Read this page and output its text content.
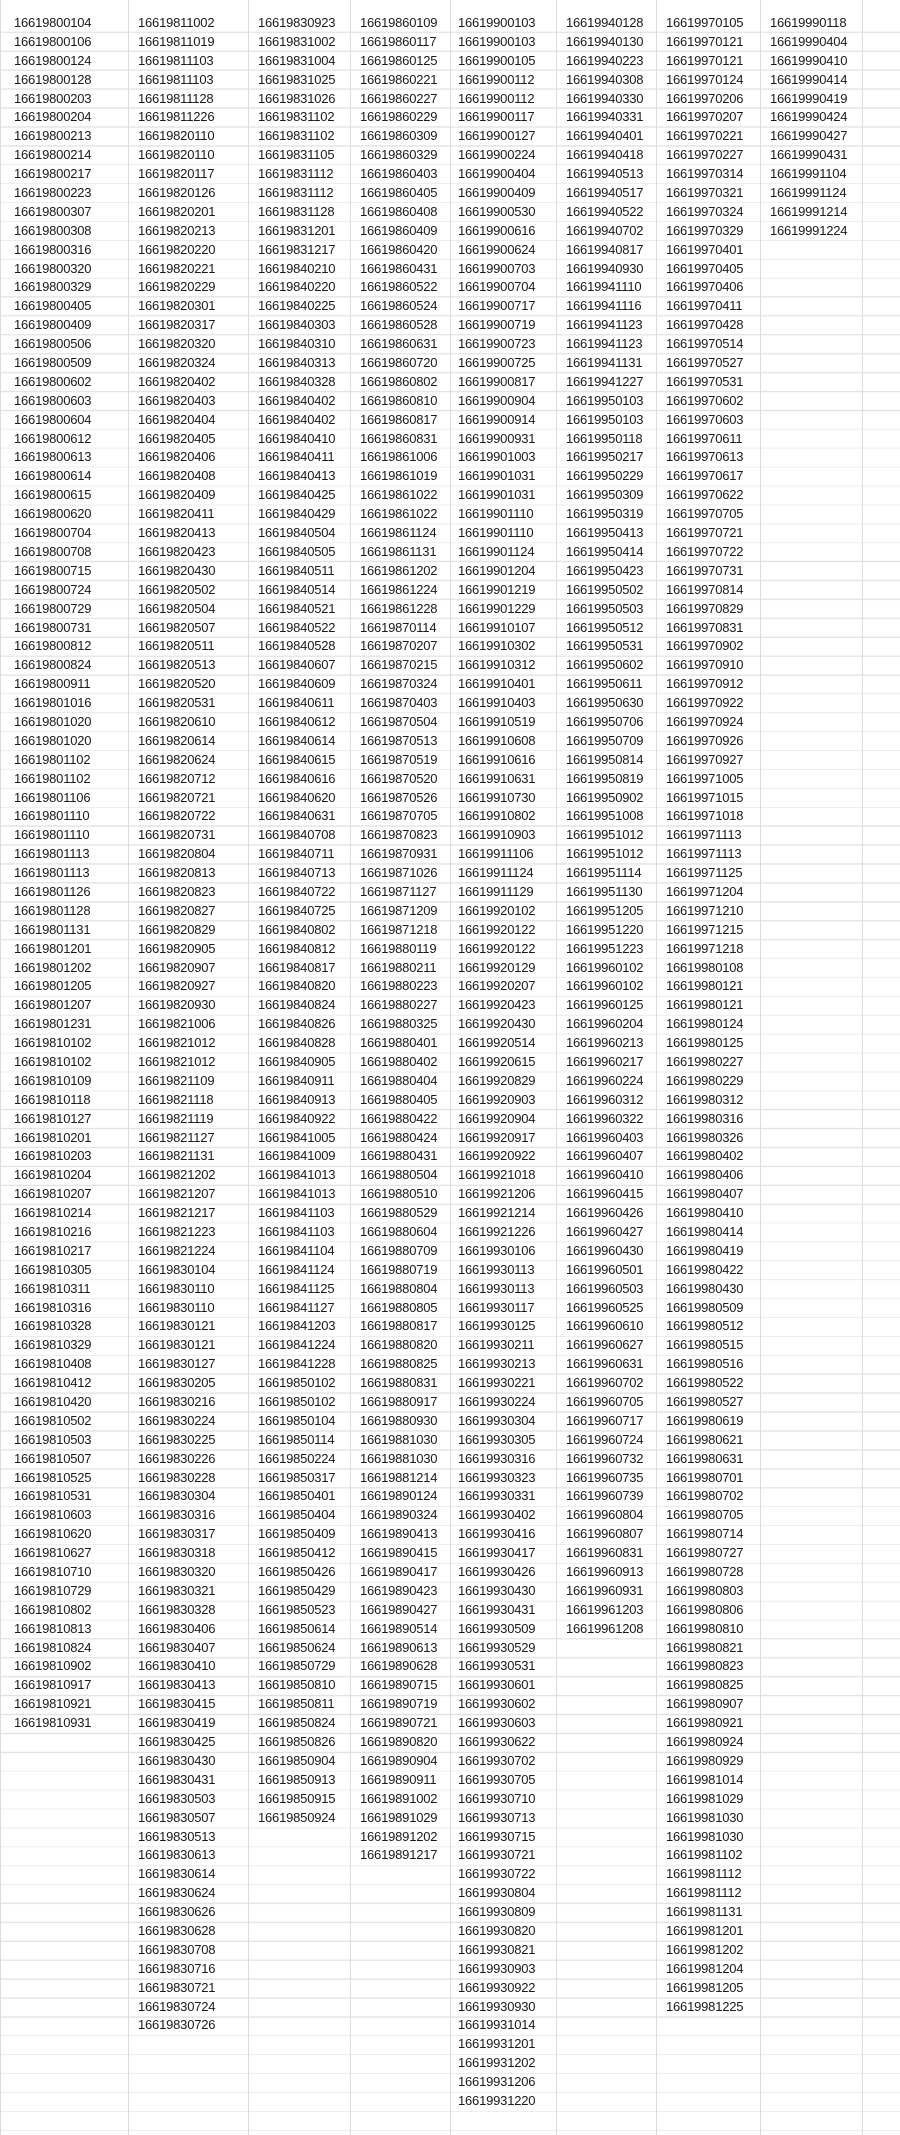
16619800104
16619800106
16619800124
16619800128
16619800203
16619800204
16619800213
16619800214
16619800217
16619800223
16619800307
16619800308
16619800316
16619800320
16619800329
16619800405
16619800409
16619800506
16619800509
16619800602
16619800603
16619800604
16619800612
16619800613
16619800614
16619800615
16619800620
16619800704
16619800708
16619800715
16619800724
16619800729
16619800731
16619800812
16619800824
16619800911
16619801016
16619801020
16619801020
16619801102
16619801102
16619801106
16619801110
16619801110
16619801113
16619801113
16619801126
16619801128
16619801131
16619801201
16619801202
16619801205
16619801207
16619801231
16619810102
16619810102
16619810109
16619810118
16619810127
16619810201
16619810203
16619810204
16619810207
16619810214
16619810216
16619810217
16619810305
16619810311
16619810316
16619810328
16619810329
16619810408
16619810412
16619810420
16619810502
16619810503
16619810507
16619810525
16619810531
16619810603
16619810620
16619810627
16619810710
16619810729
16619810802
16619810813
16619810824
16619810902
16619810917
16619810921
16619810931
16619811002
16619811019
16619811103
16619811103
16619811128
16619811226
16619820110
16619820110
16619820117
16619820126
16619820201
16619820213
16619820220
16619820221
16619820229
16619820301
16619820317
16619820320
16619820324
16619820402
16619820403
16619820404
16619820405
16619820406
16619820408
16619820409
16619820411
16619820413
16619820423
16619820430
16619820502
16619820504
16619820507
16619820511
16619820513
16619820520
16619820531
16619820610
16619820614
16619820624
16619820712
16619820721
16619820722
16619820731
16619820804
16619820813
16619820823
16619820827
16619820829
16619820905
16619820907
16619820927
16619820930
16619821006
16619821012
16619821012
16619821109
16619821118
16619821119
16619821127
16619821131
16619821202
16619821207
16619821217
16619821223
16619821224
16619830104
16619830110
16619830110
16619830121
16619830121
16619830127
16619830205
16619830216
16619830224
16619830225
16619830226
16619830228
16619830304
16619830316
16619830317
16619830318
16619830320
16619830321
16619830328
16619830406
16619830407
16619830410
16619830413
16619830415
16619830419
16619830425
16619830430
16619830431
16619830503
16619830507
16619830513
16619830613
16619830614
16619830624
16619830626
16619830628
16619830708
16619830716
16619830721
16619830724
16619830726
16619830923
16619831002
16619831004
16619831025
16619831026
16619831102
16619831102
16619831105
16619831112
16619831112
16619831128
16619831201
16619831217
16619840210
16619840220
16619840225
16619840303
16619840310
16619840313
16619840328
16619840402
16619840402
16619840410
16619840411
16619840413
16619840425
16619840429
16619840504
16619840505
16619840511
16619840514
16619840521
16619840522
16619840528
16619840607
16619840609
16619840611
16619840612
16619840614
16619840615
16619840616
16619840620
16619840631
16619840708
16619840711
16619840713
16619840722
16619840725
16619840802
16619840812
16619840817
16619840820
16619840824
16619840826
16619840828
16619840905
16619840911
16619840913
16619840922
16619841005
16619841009
16619841013
16619841013
16619841103
16619841103
16619841104
16619841124
16619841125
16619841127
16619841203
16619841224
16619841228
16619850102
16619850102
16619850104
16619850114
16619850224
16619850317
16619850401
16619850404
16619850409
16619850412
16619850426
16619850429
16619850523
16619850614
16619850624
16619850729
16619850810
16619850811
16619850824
16619850826
16619850904
16619850913
16619850915
16619850924
16619860109
16619860117
16619860125
16619860221
16619860227
16619860229
16619860309
16619860329
16619860403
16619860405
16619860408
16619860409
16619860420
16619860431
16619860522
16619860524
16619860528
16619860631
16619860720
16619860802
16619860810
16619860817
16619860831
16619861006
16619861019
16619861022
16619861022
16619861124
16619861131
16619861202
16619861224
16619861228
16619870114
16619870207
16619870215
16619870324
16619870403
16619870504
16619870513
16619870519
16619870520
16619870526
16619870705
16619870823
16619870931
16619871026
16619871127
16619871209
16619871218
16619880119
16619880211
16619880223
16619880227
16619880325
16619880401
16619880402
16619880404
16619880405
16619880422
16619880424
16619880431
16619880504
16619880510
16619880529
16619880604
16619880709
16619880719
16619880804
16619880805
16619880817
16619880820
16619880825
16619880831
16619880917
16619880930
16619881030
16619881030
16619881214
16619890124
16619890324
16619890413
16619890415
16619890417
16619890423
16619890427
16619890514
16619890613
16619890628
16619890715
16619890719
16619890721
16619890820
16619890904
16619890911
16619891002
16619891029
16619891202
16619891217
16619900103
16619900103
16619900105
16619900112
16619900112
16619900117
16619900127
16619900224
16619900404
16619900409
16619900530
16619900616
16619900624
16619900703
16619900704
16619900717
16619900719
16619900723
16619900725
16619900817
16619900904
16619900914
16619900931
16619901003
16619901031
16619901031
16619901110
16619901110
16619901124
16619901204
16619901219
16619901229
16619910107
16619910302
16619910312
16619910401
16619910403
16619910519
16619910608
16619910616
16619910631
16619910730
16619910802
16619910903
16619911106
16619911124
16619911129
16619920102
16619920122
16619920122
16619920129
16619920207
16619920423
16619920430
16619920514
16619920615
16619920829
16619920903
16619920904
16619920917
16619920922
16619921018
16619921206
16619921214
16619921226
16619930106
16619930113
16619930113
16619930117
16619930125
16619930211
16619930213
16619930221
16619930224
16619930304
16619930305
16619930316
16619930323
16619930331
16619930402
16619930416
16619930417
16619930426
16619930430
16619930431
16619930509
16619930529
16619930531
16619930601
16619930602
16619930603
16619930622
16619930702
16619930705
16619930710
16619930713
16619930715
16619930721
16619930722
16619930804
16619930809
16619930820
16619930821
16619930903
16619930922
16619930930
16619931014
16619931201
16619931202
16619931206
16619931220
16619940128
16619940130
16619940223
16619940308
16619940330
16619940331
16619940401
16619940418
16619940513
16619940517
16619940522
16619940702
16619940817
16619940930
16619941110
16619941116
16619941123
16619941123
16619941131
16619941227
16619950103
16619950103
16619950118
16619950217
16619950229
16619950309
16619950319
16619950413
16619950414
16619950423
16619950502
16619950503
16619950512
16619950531
16619950602
16619950611
16619950630
16619950706
16619950709
16619950814
16619950819
16619950902
16619951008
16619951012
16619951012
16619951114
16619951130
16619951205
16619951220
16619951223
16619960102
16619960102
16619960125
16619960204
16619960213
16619960217
16619960224
16619960312
16619960322
16619960403
16619960407
16619960410
16619960415
16619960426
16619960427
16619960430
16619960501
16619960503
16619960525
16619960610
16619960627
16619960631
16619960702
16619960705
16619960717
16619960724
16619960732
16619960735
16619960739
16619960804
16619960807
16619960831
16619960913
16619960931
16619961203
16619961208
16619970105
16619970121
16619970121
16619970124
16619970206
16619970207
16619970221
16619970227
16619970314
16619970321
16619970324
16619970329
16619970401
16619970405
16619970406
16619970411
16619970428
16619970514
16619970527
16619970531
16619970602
16619970603
16619970611
16619970613
16619970617
16619970622
16619970705
16619970721
16619970722
16619970731
16619970814
16619970829
16619970831
16619970902
16619970910
16619970912
16619970922
16619970924
16619970926
16619970927
16619971005
16619971015
16619971018
16619971113
16619971113
16619971125
16619971204
16619971210
16619971215
16619971218
16619980108
16619980121
16619980121
16619980124
16619980125
16619980227
16619980229
16619980312
16619980316
16619980326
16619980402
16619980406
16619980407
16619980410
16619980414
16619980419
16619980422
16619980430
16619980509
16619980512
16619980515
16619980516
16619980522
16619980527
16619980619
16619980621
16619980631
16619980701
16619980702
16619980705
16619980714
16619980727
16619980728
16619980803
16619980806
16619980810
16619980821
16619980823
16619980825
16619980907
16619980921
16619980924
16619980929
16619981014
16619981029
16619981030
16619981030
16619981102
16619981112
16619981112
16619981131
16619981201
16619981202
16619981204
16619981205
16619981225
16619990118
16619990404
16619990410
16619990414
16619990419
16619990424
16619990427
16619990431
16619991104
16619991124
16619991214
16619991224
